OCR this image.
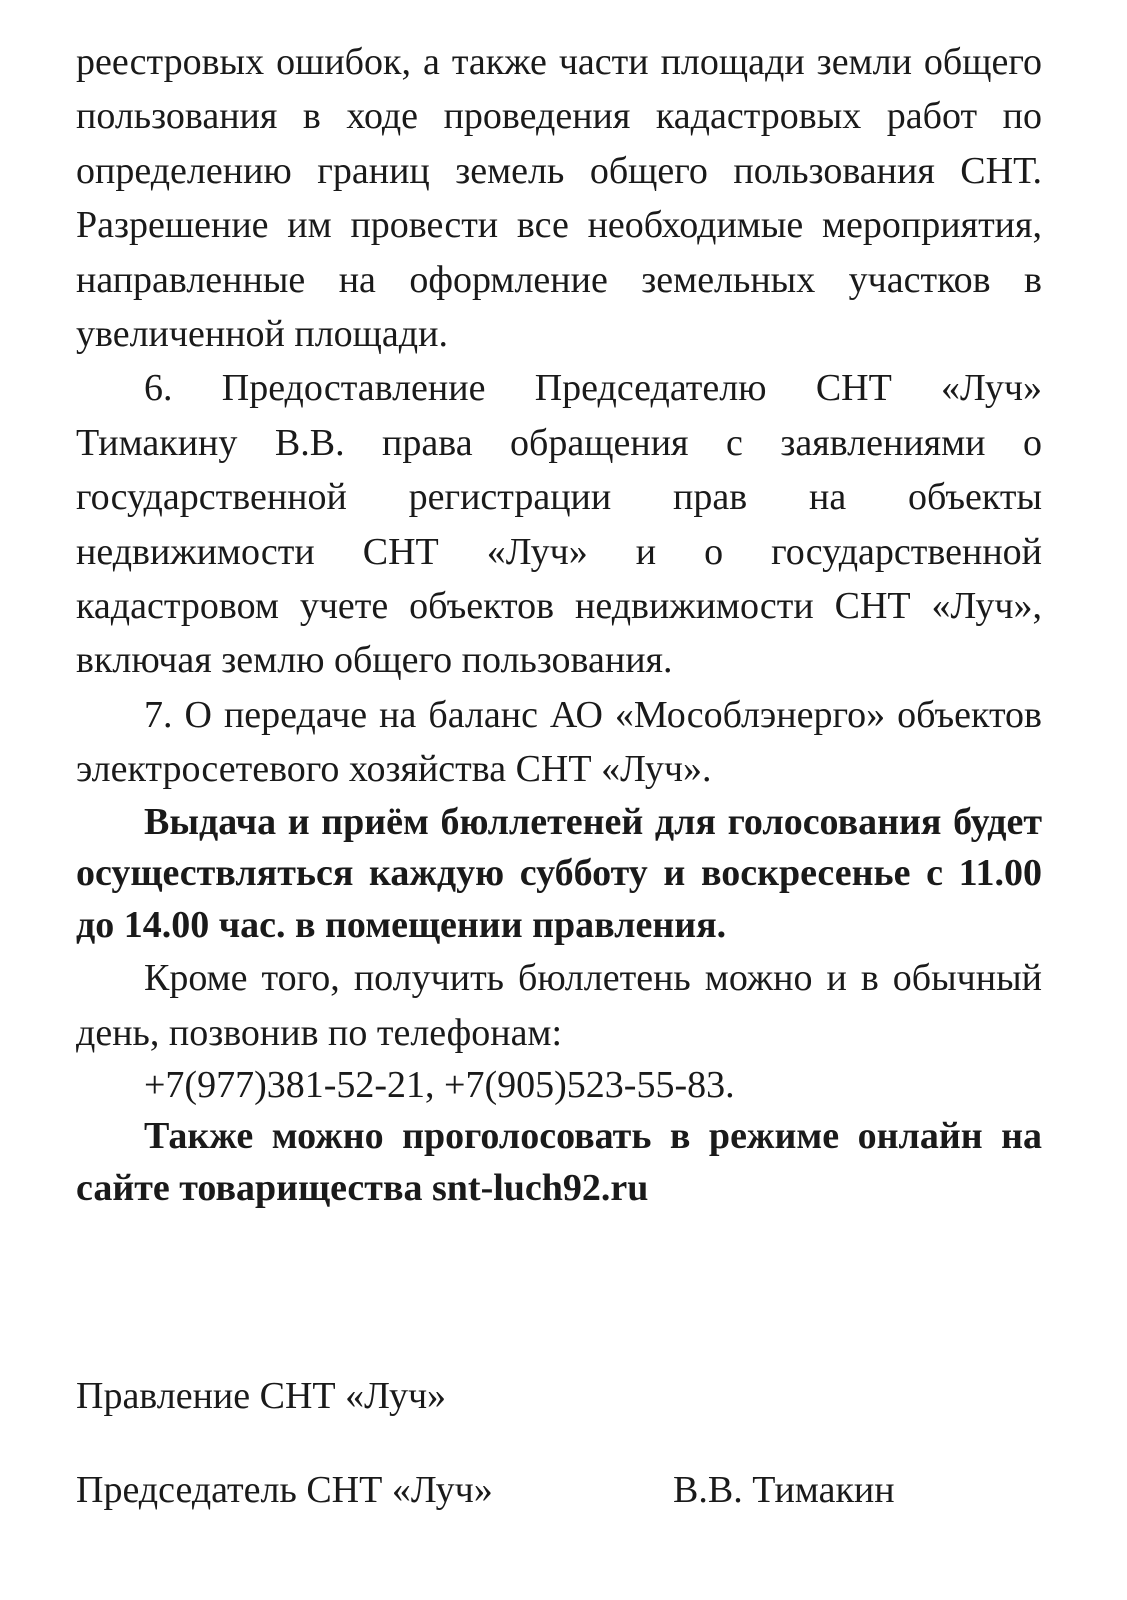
реестровых ошибок, а также части площади земли общего пользования в ходе проведения кадастровых работ по определению границ земель общего пользования СНТ. Разрешение им провести все необходимые мероприятия, направленные на оформление земельных участков в увеличенной площади.

6. Предоставление Председателю СНТ «Луч» Тимакину В.В. права обращения с заявлениями о государственной регистрации прав на объекты недвижимости СНТ «Луч» и о государственной кадастровом учете объектов недвижимости СНТ «Луч», включая землю общего пользования.

7. О передаче на баланс АО «Мособлэнерго» объектов электросетевого хозяйства СНТ «Луч».

Выдача и приём бюллетеней для голосования будет осуществляться каждую субботу и воскресенье с 11.00 до 14.00 час. в помещении правления.

Кроме того, получить бюллетень можно и в обычный день, позвонив по телефонам:

+7(977)381-52-21, +7(905)523-55-83.

Также можно проголосовать в режиме онлайн на сайте товарищества snt-luch92.ru

Правление СНТ «Луч»

Председатель СНТ «Луч»	В.В. Тимакин
